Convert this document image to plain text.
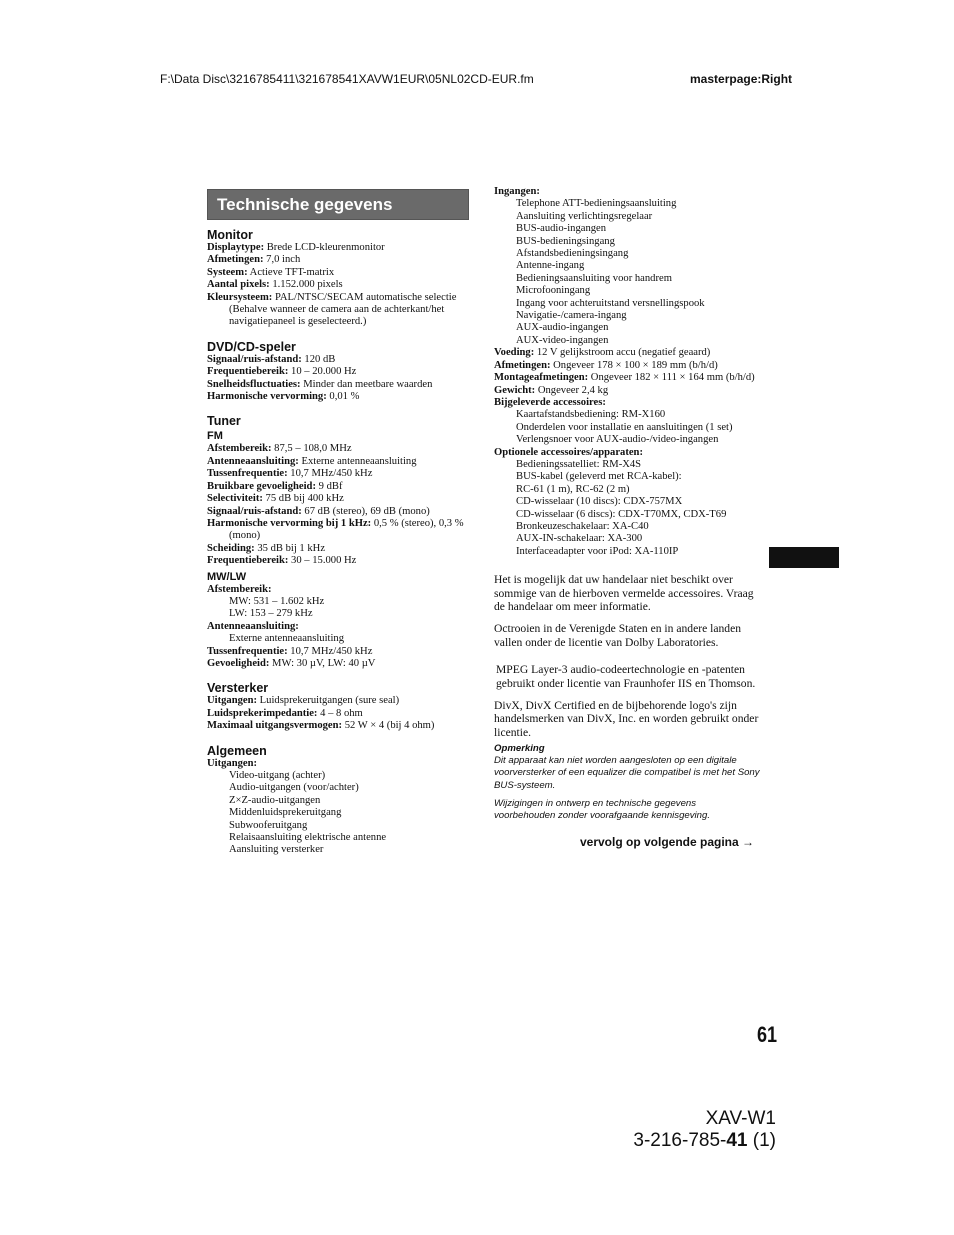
F:\Data Disc\3216785411\321678541XAVW1EUR\05NL02CD-EUR.fm	masterpage:Right
Technische gegevens
Monitor
Displaytype: Brede LCD-kleurenmonitor
Afmetingen: 7,0 inch
Systeem: Actieve TFT-matrix
Aantal pixels: 1.152.000 pixels
Kleursysteem: PAL/NTSC/SECAM automatische selectie (Behalve wanneer de camera aan de achterkant/het navigatiepaneel is geselecteerd.)
DVD/CD-speler
Signaal/ruis-afstand: 120 dB
Frequentiebereik: 10 – 20.000 Hz
Snelheidsfluctuaties: Minder dan meetbare waarden
Harmonische vervorming: 0,01 %
Tuner
FM
Afstembereik: 87,5 – 108,0 MHz
Antenneaansluiting: Externe antenneaansluiting
Tussenfrequentie: 10,7 MHz/450 kHz
Bruikbare gevoeligheid: 9 dBf
Selectiviteit: 75 dB bij 400 kHz
Signaal/ruis-afstand: 67 dB (stereo), 69 dB (mono)
Harmonische vervorming bij 1 kHz: 0,5 % (stereo), 0,3 % (mono)
Scheiding: 35 dB bij 1 kHz
Frequentiebereik: 30 – 15.000 Hz
MW/LW
Afstembereik:
MW: 531 – 1.602 kHz
LW: 153 – 279 kHz
Antenneaansluiting:
Externe antenneaansluiting
Tussenfrequentie: 10,7 MHz/450 kHz
Gevoeligheid: MW: 30 µV, LW: 40 µV
Versterker
Uitgangen: Luidsprekeruitgangen (sure seal)
Luidsprekerimpedantie: 4 – 8 ohm
Maximaal uitgangsvermogen: 52 W × 4 (bij 4 ohm)
Algemeen
Uitgangen:
Video-uitgang (achter)
Audio-uitgangen (voor/achter)
Z×Z-audio-uitgangen
Middenluidsprekeruitgang
Subwooferuitgang
Relaisaansluiting elektrische antenne
Aansluiting versterker
Ingangen:
Telephone ATT-bedieningsaansluiting
Aansluiting verlichtingsregelaar
BUS-audio-ingangen
BUS-bedieningsingang
Afstandsbedieningsingang
Antenne-ingang
Bedieningsaansluiting voor handrem
Microfooningang
Ingang voor achteruitstand versnellingspook
Navigatie-/camera-ingang
AUX-audio-ingangen
AUX-video-ingangen
Voeding: 12 V gelijkstroom accu (negatief geaard)
Afmetingen: Ongeveer 178 × 100 × 189 mm (b/h/d)
Montageafmetingen: Ongeveer 182 × 111 × 164 mm (b/h/d)
Gewicht: Ongeveer 2,4 kg
Bijgeleverde accessoires:
Kaartafstandsbediening: RM-X160
Onderdelen voor installatie en aansluitingen (1 set)
Verlengsnoer voor AUX-audio-/video-ingangen
Optionele accessoires/apparaten:
Bedieningssatelliet: RM-X4S
BUS-kabel (geleverd met RCA-kabel):
RC-61 (1 m), RC-62 (2 m)
CD-wisselaar (10 discs): CDX-757MX
CD-wisselaar (6 discs): CDX-T70MX, CDX-T69
Bronkeuzeschakelaar: XA-C40
AUX-IN-schakelaar: XA-300
Interfaceadapter voor iPod: XA-110IP
Het is mogelijk dat uw handelaar niet beschikt over sommige van de hierboven vermelde accessoires. Vraag de handelaar om meer informatie.
Octrooien in de Verenigde Staten en in andere landen vallen onder de licentie van Dolby Laboratories.
MPEG Layer-3 audio-codeertechnologie en -patenten gebruikt onder licentie van Fraunhofer IIS en Thomson.
DivX, DivX Certified en de bijbehorende logo's zijn handelsmerken van DivX, Inc. en worden gebruikt onder licentie.
Opmerking
Dit apparaat kan niet worden aangesloten op een digitale voorversterker of een equalizer die compatibel is met het Sony BUS-systeem.
Wijzigingen in ontwerp en technische gegevens voorbehouden zonder voorafgaande kennisgeving.
vervolg op volgende pagina →
61
XAV-W1
3-216-785-41 (1)
